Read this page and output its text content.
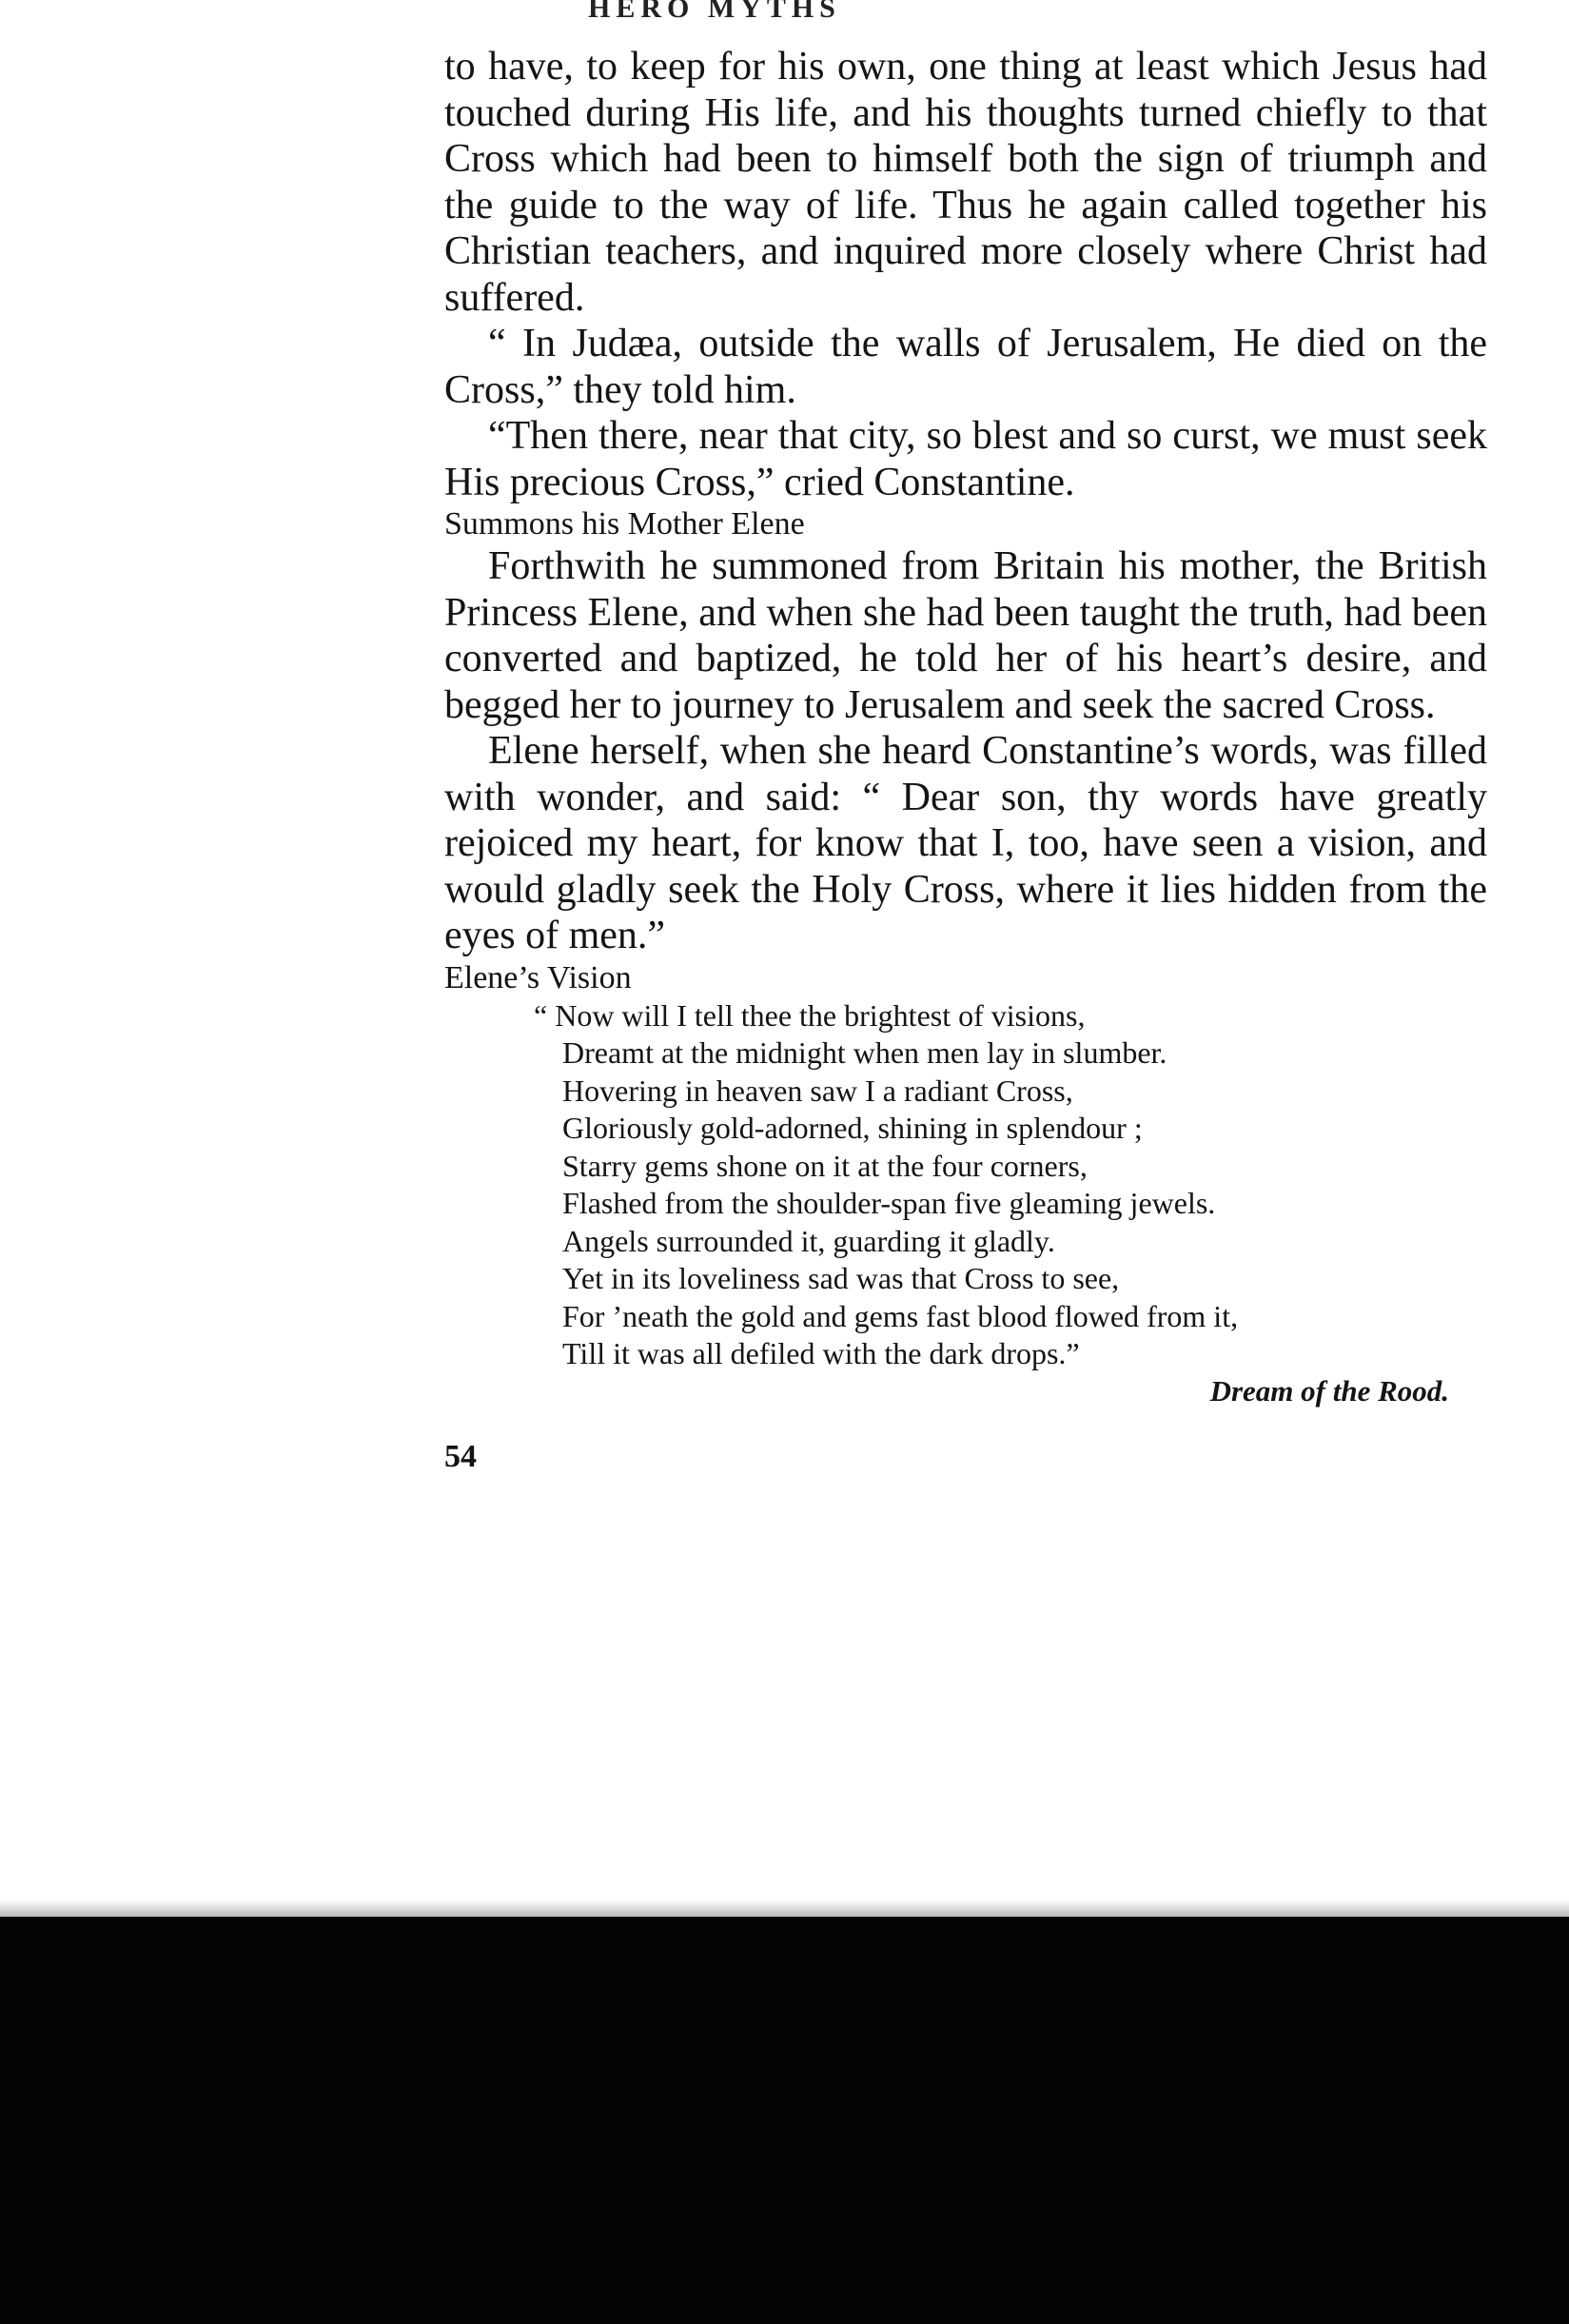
HERO MYTHS

to have, to keep for his own, one thing at least which Jesus had touched during His life, and his thoughts turned chiefly to that Cross which had been to himself both the sign of triumph and the guide to the way of life. Thus he again called together his Christian teachers, and inquired more closely where Christ had suffered.

“ In Judæa, outside the walls of Jerusalem, He died on the Cross,” they told him.

“Then there, near that city, so blest and so curst, we must seek His precious Cross,” cried Constantine.

Summons his Mother Elene

Forthwith he summoned from Britain his mother, the British Princess Elene, and when she had been taught the truth, had been converted and baptized, he told her of his heart’s desire, and begged her to journey to Jerusalem and seek the sacred Cross.

Elene herself, when she heard Constantine’s words, was filled with wonder, and said: “ Dear son, thy words have greatly rejoiced my heart, for know that I, too, have seen a vision, and would gladly seek the Holy Cross, where it lies hidden from the eyes of men.”

Elene’s Vision

“ Now will I tell thee the brightest of visions,
Dreamt at the midnight when men lay in slumber.
Hovering in heaven saw I a radiant Cross,
Gloriously gold-adorned, shining in splendour ;
Starry gems shone on it at the four corners,
Flashed from the shoulder-span five gleaming jewels.
Angels surrounded it, guarding it gladly.
Yet in its loveliness sad was that Cross to see,
For ’neath the gold and gems fast blood flowed from it,
Till it was all defiled with the dark drops.”
Dream of the Rood.
54
